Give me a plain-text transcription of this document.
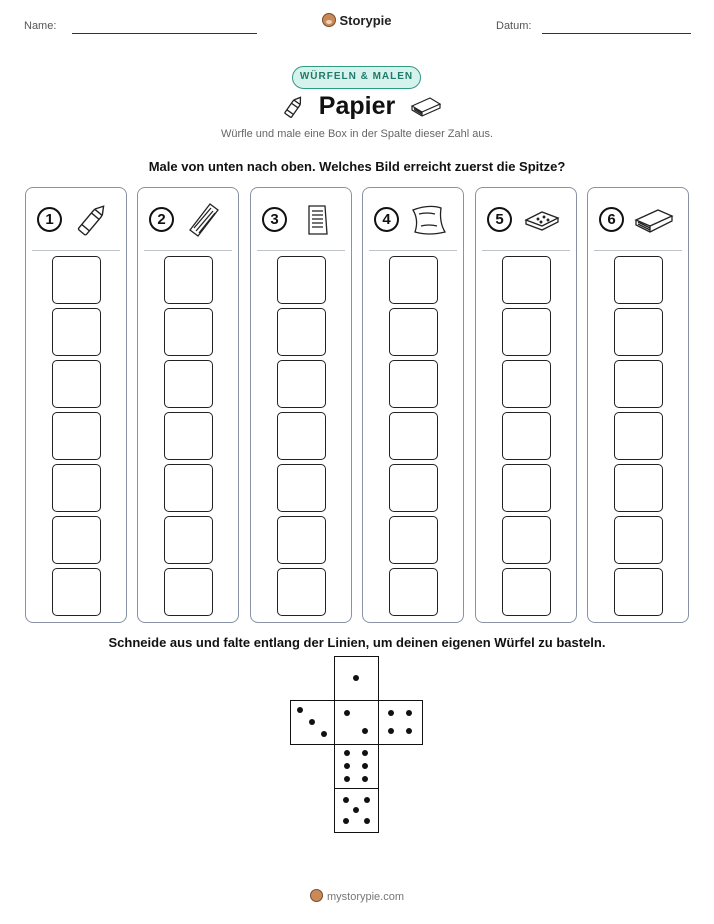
Name:	Storypie	Datum:
WÜRFELN & MALEN
Papier
Würfle und male eine Box in der Spalte dieser Zahl aus.
Male von unten nach oben. Welches Bild erreicht zuerst die Spitze?
1	2	3	4	5	6
Schneide aus und falte entlang der Linien, um deinen eigenen Würfel zu basteln.
mystorypie.com
